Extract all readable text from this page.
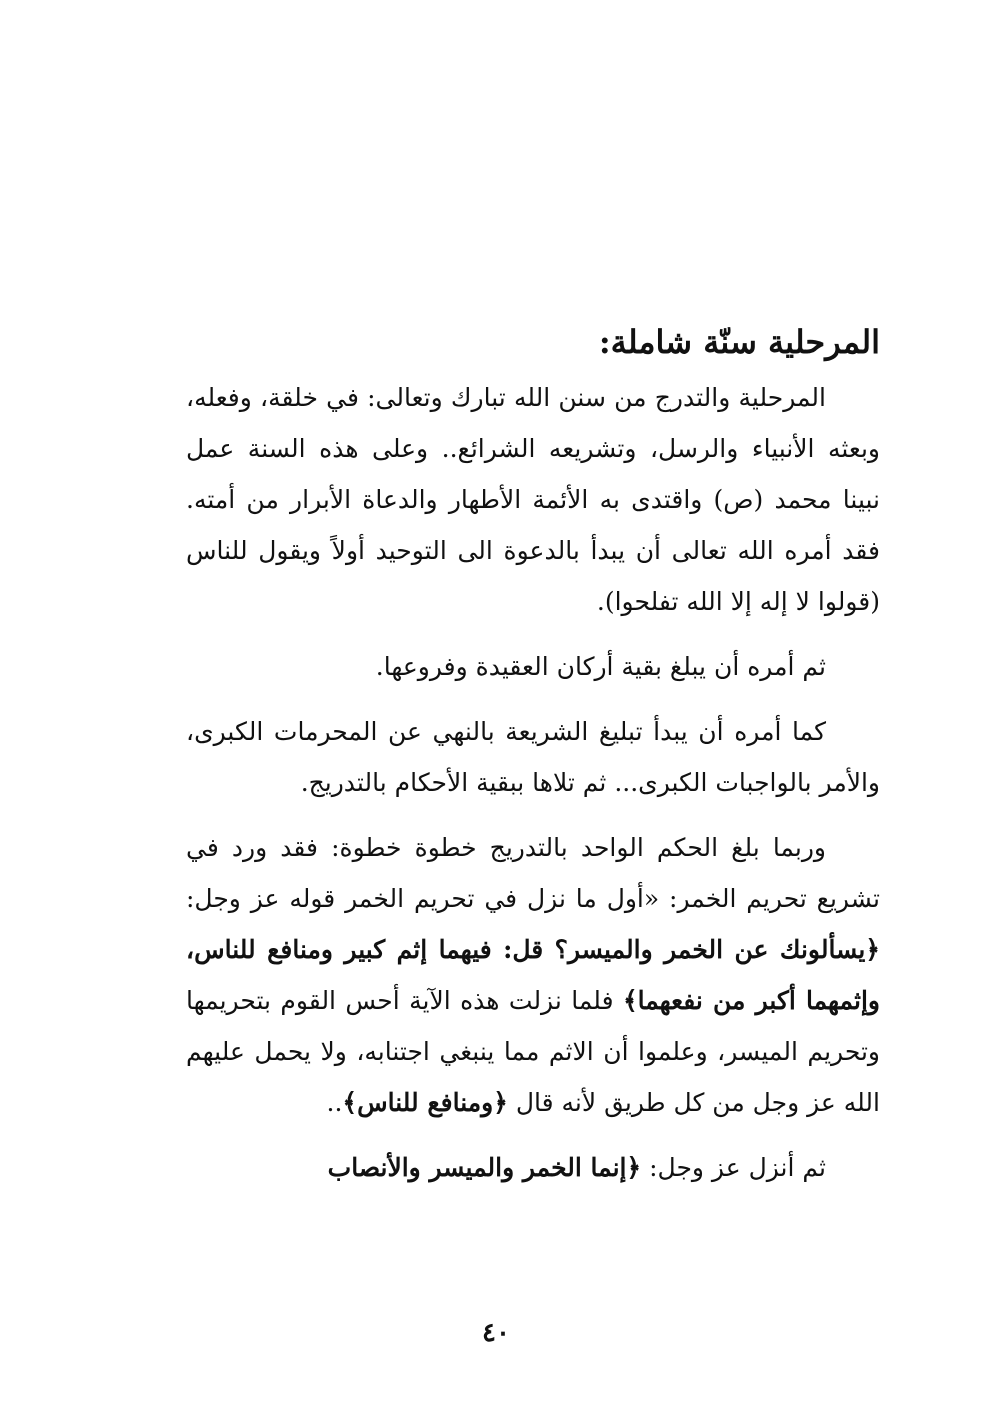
المرحلية سنّة شاملة:

المرحلية والتدرج من سنن الله تبارك وتعالى: في خلقة، وفعله، وبعثه الأنبياء والرسل، وتشريعه الشرائع.. وعلى هذه السنة عمل نبينا محمد (ص) واقتدى به الأئمة الأطهار والدعاة الأبرار من أمته. فقد أمره الله تعالى أن يبدأ بالدعوة الى التوحيد أولاً ويقول للناس (قولوا لا إله إلا الله تفلحوا).

ثم أمره أن يبلغ بقية أركان العقيدة وفروعها.

كما أمره أن يبدأ تبليغ الشريعة بالنهي عن المحرمات الكبرى، والأمر بالواجبات الكبرى... ثم تلاها ببقية الأحكام بالتدريج.

وربما بلغ الحكم الواحد بالتدريج خطوة خطوة: فقد ورد في تشريع تحريم الخمر: «أول ما نزل في تحريم الخمر قوله عز وجل: ﴿يسألونك عن الخمر والميسر؟ قل: فيهما إثم كبير ومنافع للناس، وإثمهما أكبر من نفعهما﴾ فلما نزلت هذه الآية أحس القوم بتحريمها وتحريم الميسر، وعلموا أن الاثم مما ينبغي اجتنابه، ولا يحمل عليهم الله عز وجل من كل طريق لأنه قال ﴿ومنافع للناس﴾..

ثم أنزل عز وجل: ﴿إنما الخمر والميسر والأنصاب

٤٠
